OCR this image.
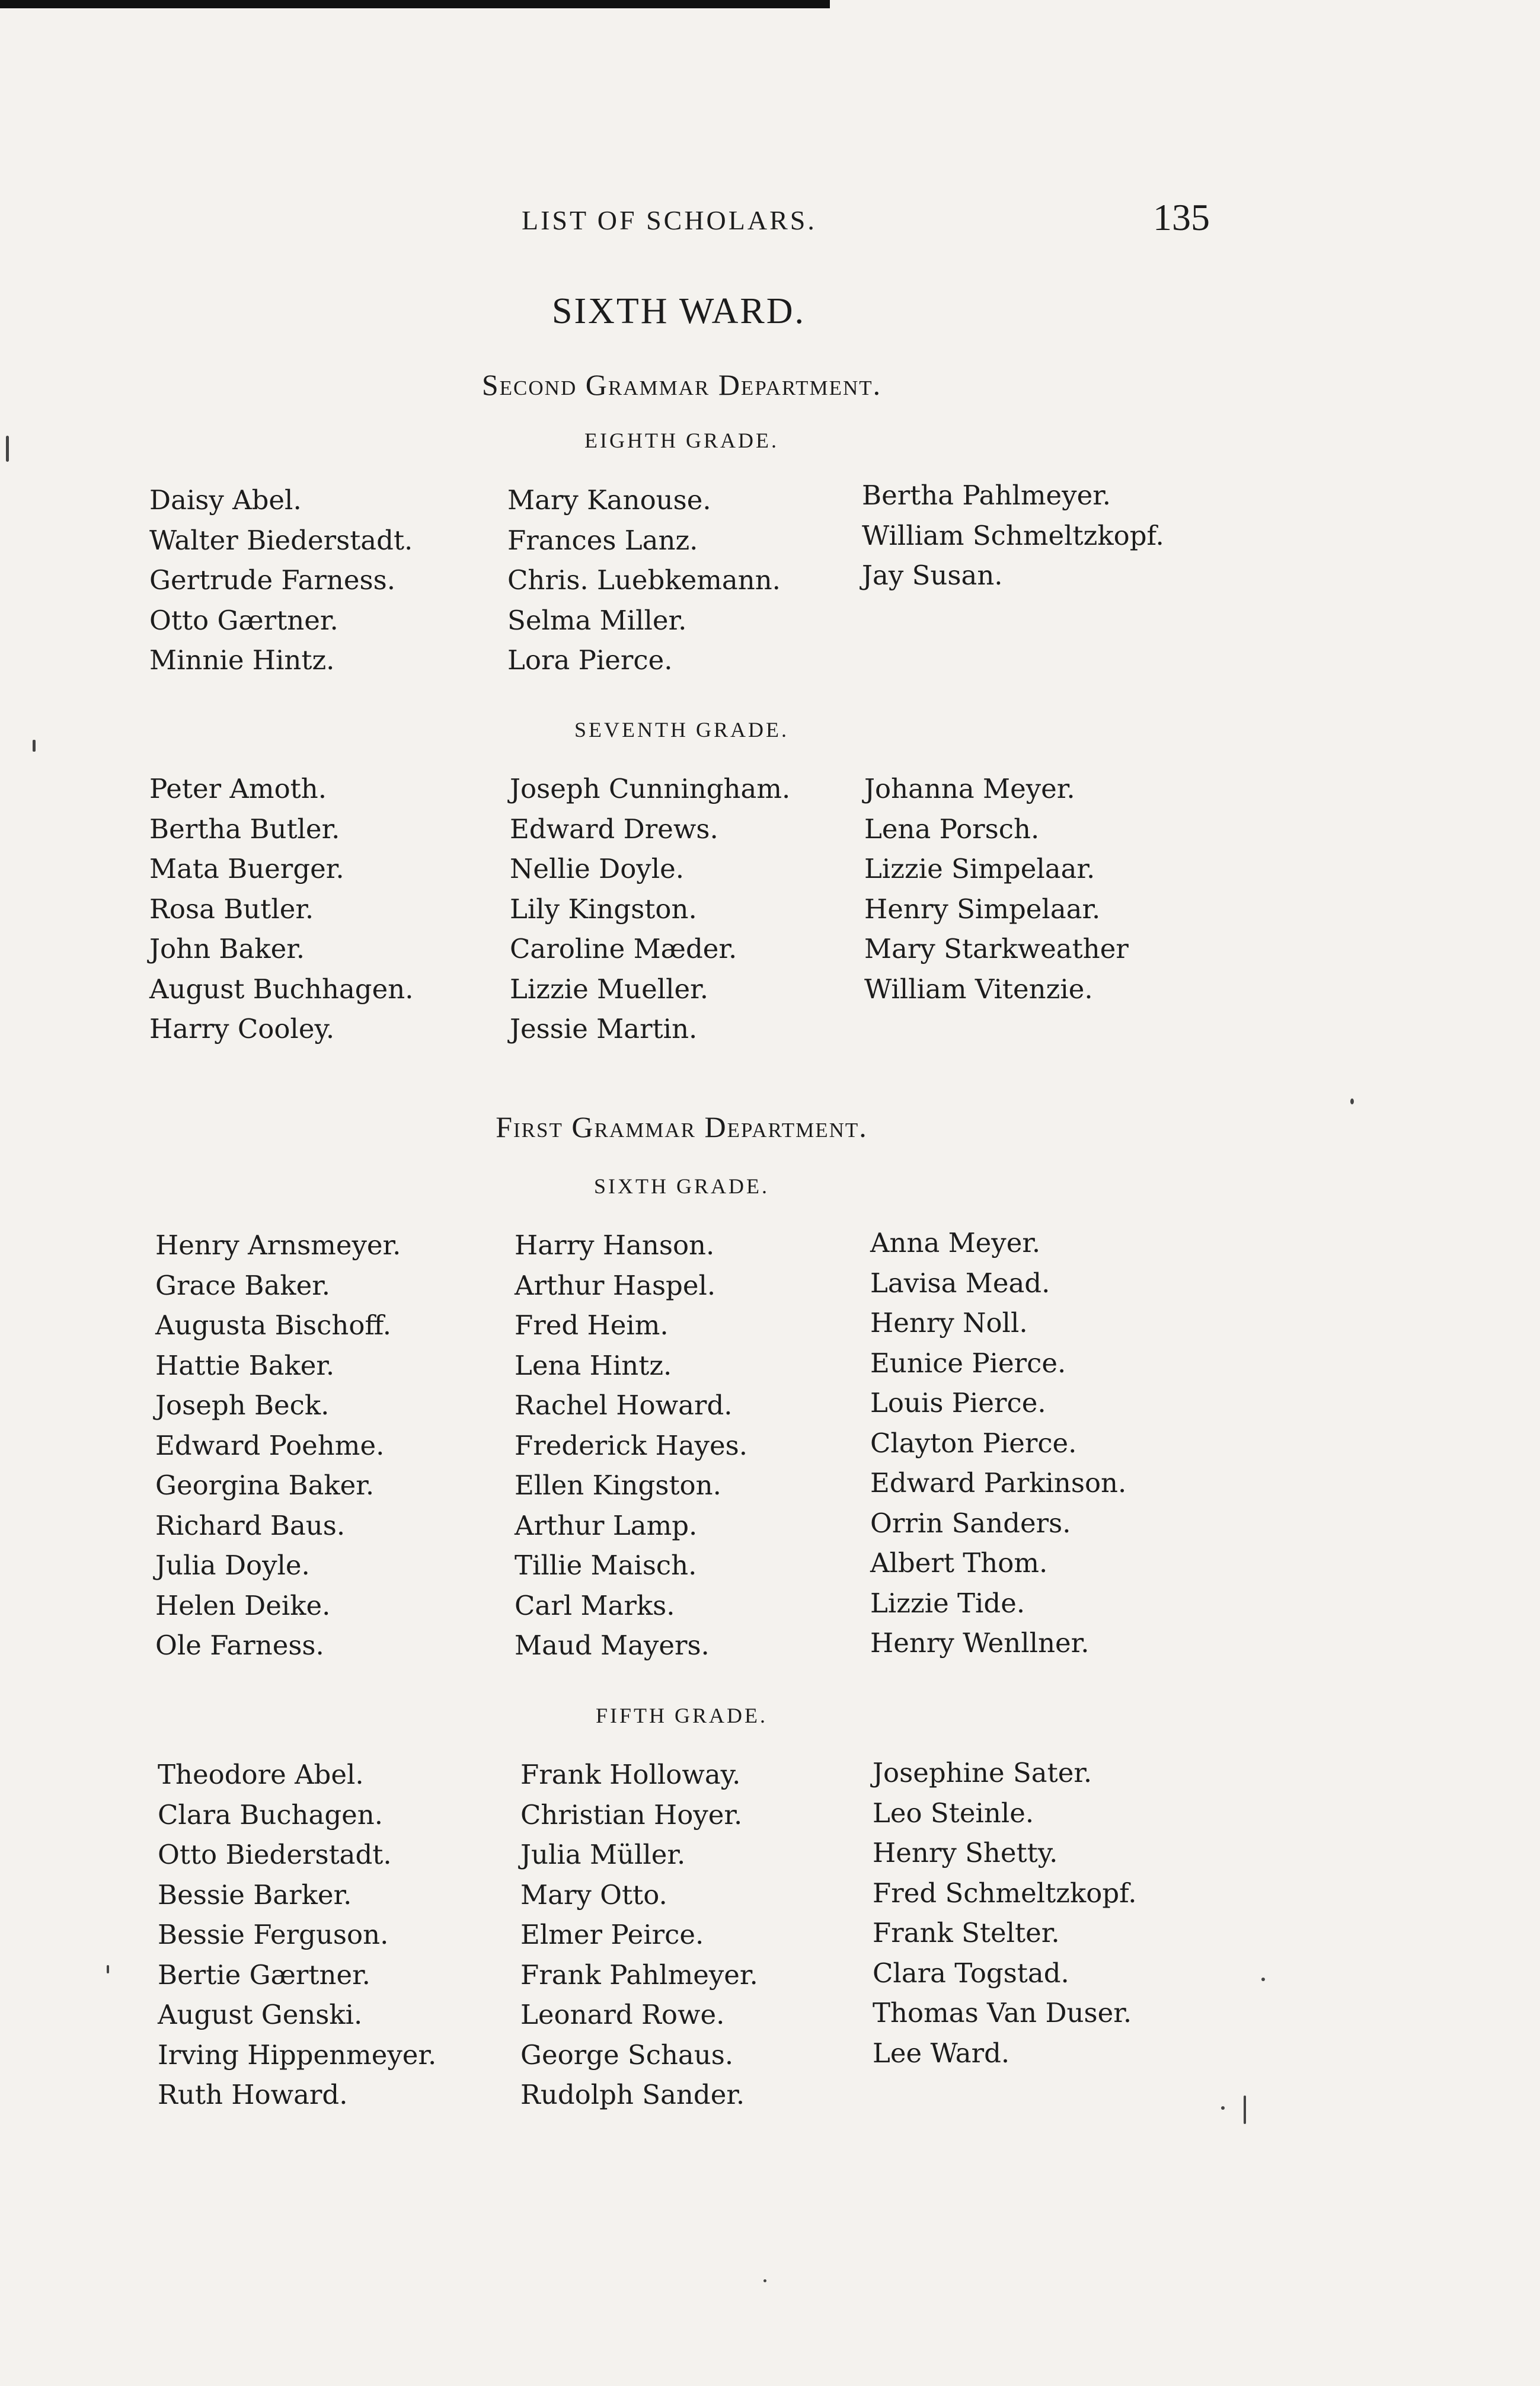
LIST OF SCHOLARS.	135
SIXTH WARD.
Second Grammar Department.
EIGHTH GRADE.
Daisy Abel.
Walter Biederstadt.
Gertrude Farness.
Otto Gærtner.
Minnie Hintz.
Mary Kanouse.
Frances Lanz.
Chris. Luebkemann.
Selma Miller.
Lora Pierce.
Bertha Pahlmeyer.
William Schmeltzkopf.
Jay Susan.
SEVENTH GRADE.
Peter Amoth.
Bertha Butler.
Mata Buerger.
Rosa Butler.
John Baker.
August Buchhagen.
Harry Cooley.
Joseph Cunningham.
Edward Drews.
Nellie Doyle.
Lily Kingston.
Caroline Mæder.
Lizzie Mueller.
Jessie Martin.
Johanna Meyer.
Lena Porsch.
Lizzie Simpelaar.
Henry Simpelaar.
Mary Starkweather
William Vitenzie.
First Grammar Department.
SIXTH GRADE.
Henry Arnsmeyer.
Grace Baker.
Augusta Bischoff.
Hattie Baker.
Joseph Beck.
Edward Poehme.
Georgina Baker.
Richard Baus.
Julia Doyle.
Helen Deike.
Ole Farness.
Harry Hanson.
Arthur Haspel.
Fred Heim.
Lena Hintz.
Rachel Howard.
Frederick Hayes.
Ellen Kingston.
Arthur Lamp.
Tillie Maisch.
Carl Marks.
Maud Mayers.
Anna Meyer.
Lavisa Mead.
Henry Noll.
Eunice Pierce.
Louis Pierce.
Clayton Pierce.
Edward Parkinson.
Orrin Sanders.
Albert Thom.
Lizzie Tide.
Henry Wenllner.
FIFTH GRADE.
Theodore Abel.
Clara Buchagen.
Otto Biederstadt.
Bessie Barker.
Bessie Ferguson.
Bertie Gærtner.
August Genski.
Irving Hippenmeyer.
Ruth Howard.
Frank Holloway.
Christian Hoyer.
Julia Müller.
Mary Otto.
Elmer Peirce.
Frank Pahlmeyer.
Leonard Rowe.
George Schaus.
Rudolph Sander.
Josephine Sater.
Leo Steinle.
Henry Shetty.
Fred Schmeltzkopf.
Frank Stelter.
Clara Togstad.
Thomas Van Duser.
Lee Ward.
